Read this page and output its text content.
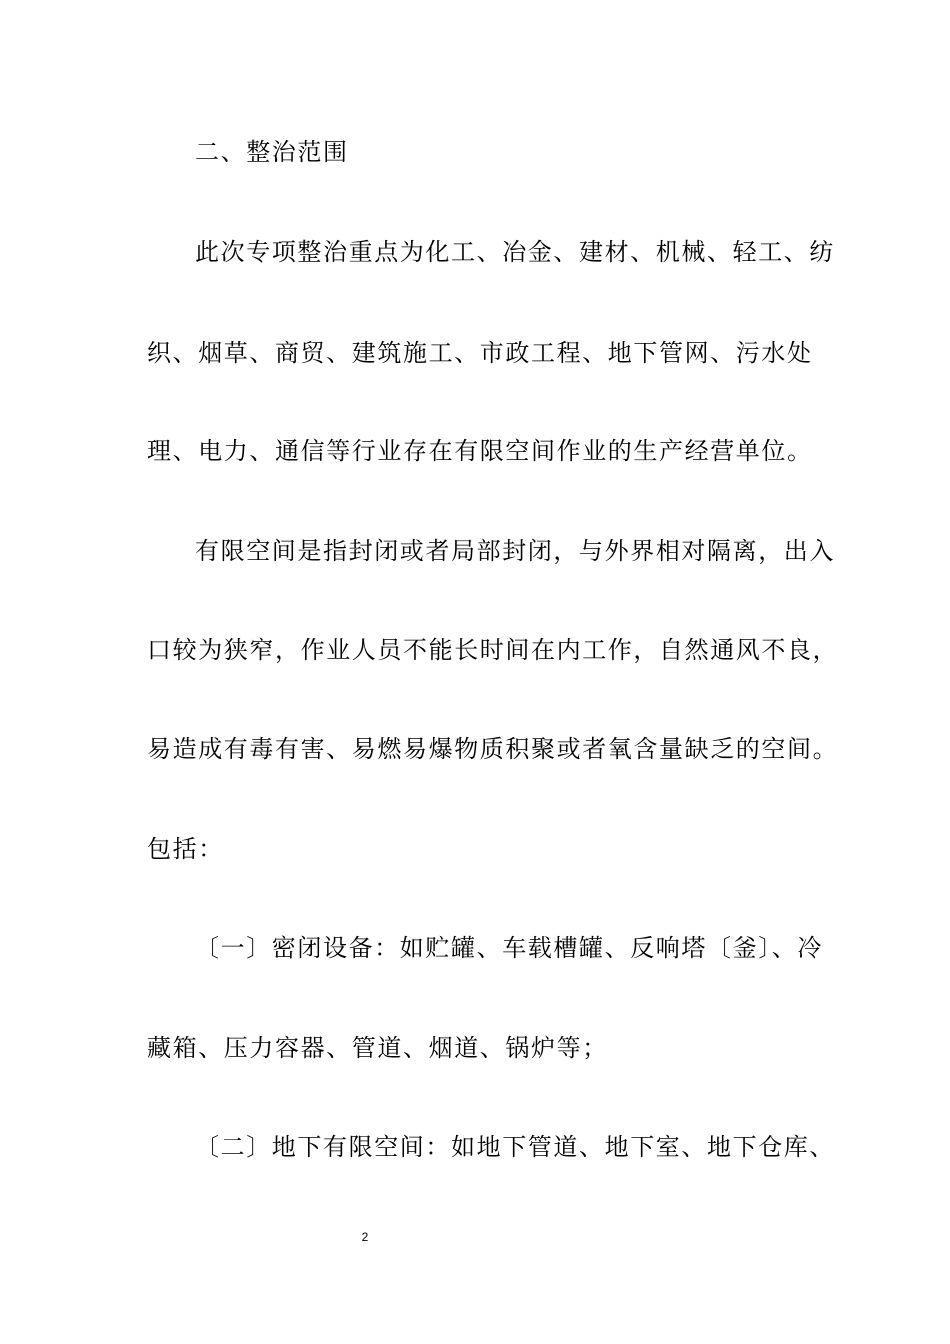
二、整治范围
此次专项整治重点为化工、冶金、建材、机械、轻工、纺
织、烟草、商贸、建筑施工、市政工程、地下管网、污水处
理、电力、通信等行业存在有限空间作业的生产经营单位。
有限空间是指封闭或者局部封闭，与外界相对隔离，出入
口较为狭窄，作业人员不能长时间在内工作，自然通风不良，
易造成有毒有害、易燃易爆物质积聚或者氧含量缺乏的空间。
包括：
〔一〕密闭设备：如贮罐、车载槽罐、反响塔〔釜〕、冷
藏箱、压力容器、管道、烟道、锅炉等；
〔二〕地下有限空间：如地下管道、地下室、地下仓库、
2
